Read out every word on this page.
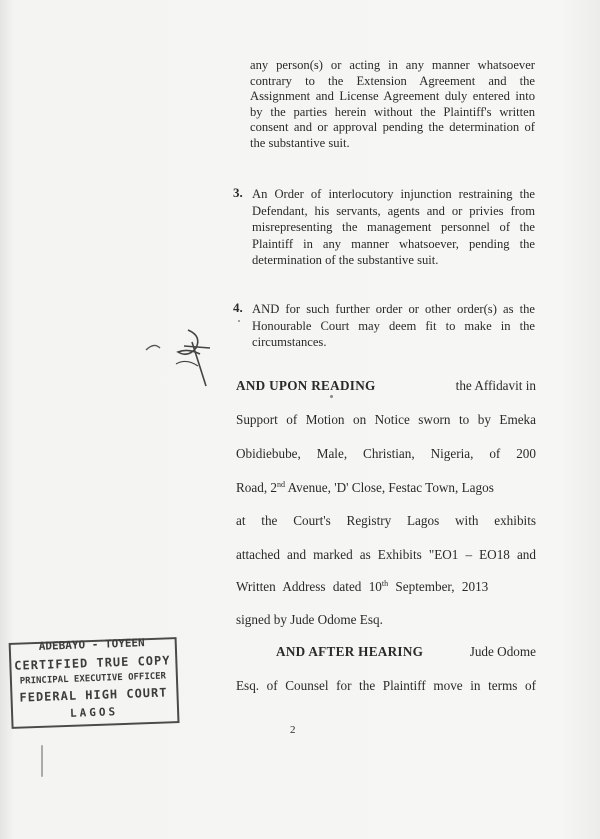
any person(s) or acting in any manner whatsoever contrary to the Extension Agreement and the Assignment and License Agreement duly entered into by the parties herein without the Plaintiff's written consent and or approval pending the determination of the substantive suit.

3. An Order of interlocutory injunction restraining the Defendant, his servants, agents and or privies from misrepresenting the management personnel of the Plaintiff in any manner whatsoever, pending the determination of the substantive suit.

4. AND for such further order or other order(s) as the Honourable Court may deem fit to make in the circumstances.

AND UPON READING	the Affidavit in
Support of Motion on Notice sworn to by Emeka
Obidiebube, Male, Christian, Nigeria, of 200
Road, 2 nd Avenue, 'D' Close, Festac Town, Lagos
at the Court's Registry Lagos with exhibits
attached and marked as Exhibits "EO1 – EO18 and
Written Address dated 10 th September, 2013
signed by Jude Odome Esq.
AND AFTER HEARING	Jude Odome
Esq. of Counsel for the Plaintiff move in terms of
2
ADEBAYO - TOYEEN
CERTIFIED TRUE COPY
PRINCIPAL EXECUTIVE OFFICER
FEDERAL HIGH COURT
LAGOS
